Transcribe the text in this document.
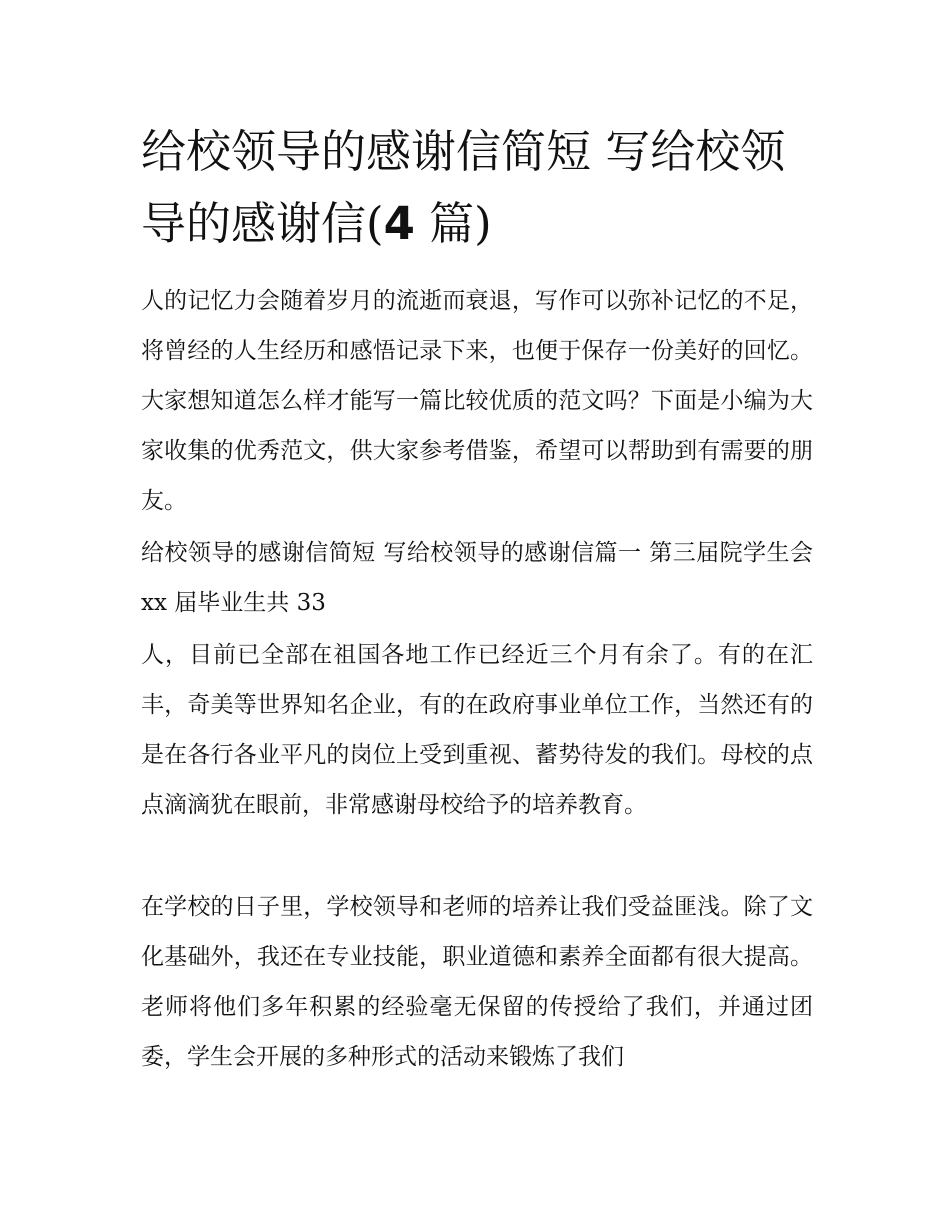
给校领导的感谢信简短 写给校领导的感谢信(4 篇)

人的记忆力会随着岁月的流逝而衰退，写作可以弥补记忆的不足，将曾经的人生经历和感悟记录下来，也便于保存一份美好的回忆。大家想知道怎么样才能写一篇比较优质的范文吗？下面是小编为大家收集的优秀范文，供大家参考借鉴，希望可以帮助到有需要的朋友。

给校领导的感谢信简短 写给校领导的感谢信篇一 第三届院学生会 xx 届毕业生共 33

人，目前已全部在祖国各地工作已经近三个月有余了。有的在汇丰，奇美等世界知名企业，有的在政府事业单位工作，当然还有的是在各行各业平凡的岗位上受到重视、蓄势待发的我们。母校的点点滴滴犹在眼前，非常感谢母校给予的培养教育。

在学校的日子里，学校领导和老师的培养让我们受益匪浅。除了文化基础外，我还在专业技能，职业道德和素养全面都有很大提高。老师将他们多年积累的经验毫无保留的传授给了我们，并通过团委，学生会开展的多种形式的活动来锻炼了我们
